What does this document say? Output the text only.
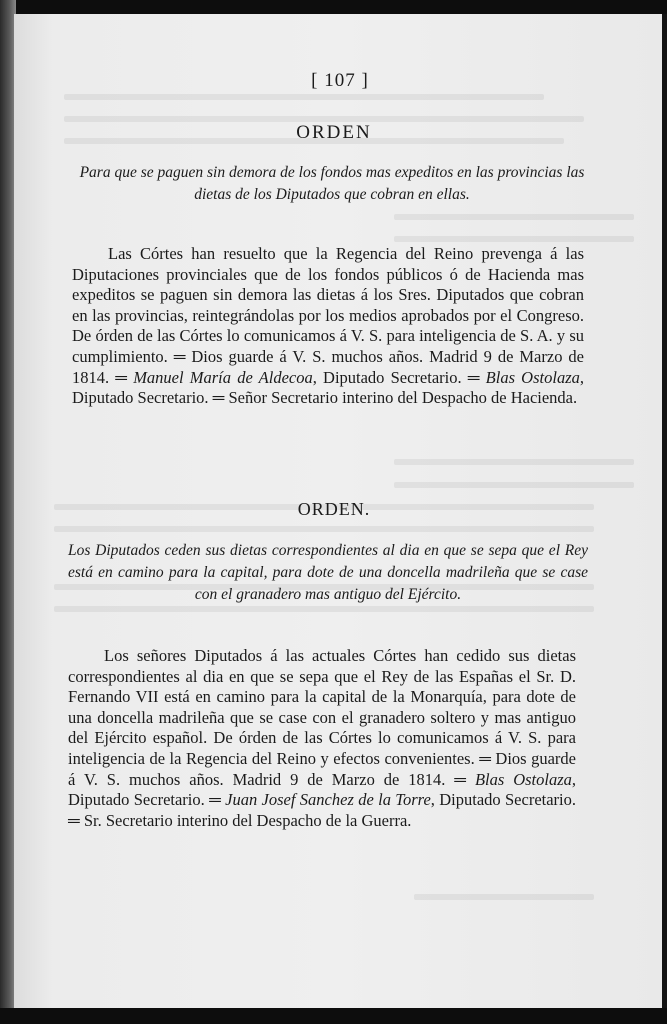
[ 107 ]
ORDEN
Para que se paguen sin demora de los fondos mas expeditos en las provincias las dietas de los Diputados que cobran en ellas.
Las Córtes han resuelto que la Regencia del Reino prevenga á las Diputaciones provinciales que de los fondos públicos ó de Hacienda mas expeditos se paguen sin demora las dietas á los Sres. Diputados que cobran en las provincias, reintegrándolas por los medios aprobados por el Congreso. De órden de las Córtes lo comunicamos á V. S. para inteligencia de S. A. y su cumplimiento. ═ Dios guarde á V. S. muchos años. Madrid 9 de Marzo de 1814. ═ Manuel María de Aldecoa, Diputado Secretario. ═ Blas Ostolaza, Diputado Secretario. ═ Señor Secretario interino del Despacho de Hacienda.
ORDEN.
Los Diputados ceden sus dietas correspondientes al dia en que se sepa que el Rey está en camino para la capital, para dote de una doncella madrileña que se case con el granadero mas antiguo del Ejército.
Los señores Diputados á las actuales Córtes han cedido sus dietas correspondientes al dia en que se sepa que el Rey de las Españas el Sr. D. Fernando VII está en camino para la capital de la Monarquía, para dote de una doncella madrileña que se case con el granadero soltero y mas antiguo del Ejército español. De órden de las Córtes lo comunicamos á V. S. para inteligencia de la Regencia del Reino y efectos convenientes. ═ Dios guarde á V. S. muchos años. Madrid 9 de Marzo de 1814. ═ Blas Ostolaza, Diputado Secretario. ═ Juan Josef Sanchez de la Torre, Diputado Secretario. ═ Sr. Secretario interino del Despacho de la Guerra.
